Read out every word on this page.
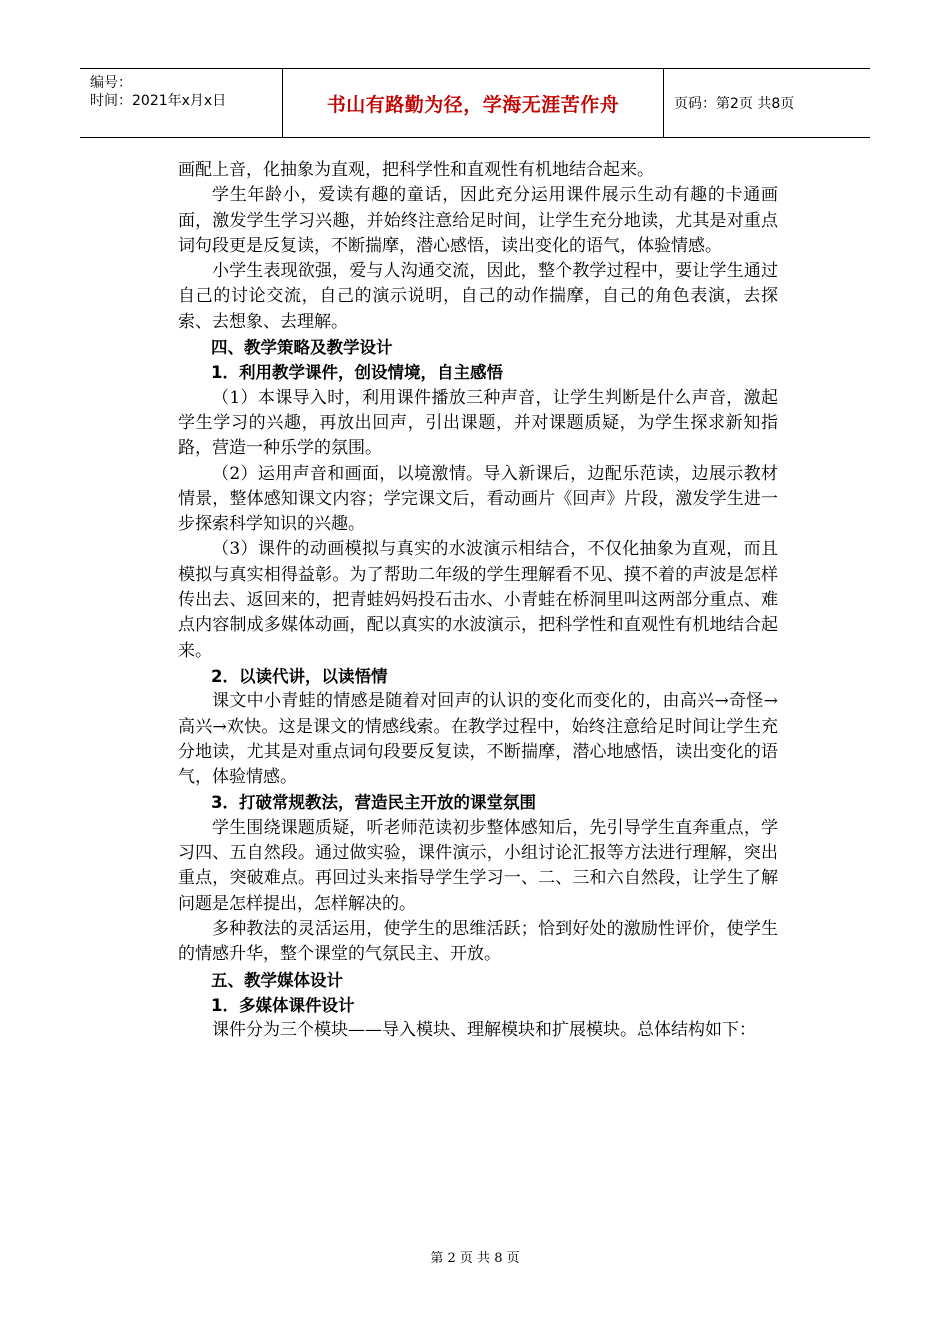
编号：
时间：2021年x月x日	书山有路勤为径，学海无涯苦作舟	页码：第2页 共8页

画配上音，化抽象为直观，把科学性和直观性有机地结合起来。

学生年龄小，爱读有趣的童话，因此充分运用课件展示生动有趣的卡通画面，激发学生学习兴趣，并始终注意给足时间，让学生充分地读，尤其是对重点词句段更是反复读，不断揣摩，潜心感悟，读出变化的语气，体验情感。

小学生表现欲强，爱与人沟通交流，因此，整个教学过程中，要让学生通过自己的讨论交流，自己的演示说明，自己的动作揣摩，自己的角色表演，去探索、去想象、去理解。

四、教学策略及教学设计

1．利用教学课件，创设情境，自主感悟

（1）本课导入时，利用课件播放三种声音，让学生判断是什么声音，激起学生学习的兴趣，再放出回声，引出课题，并对课题质疑，为学生探求新知指路，营造一种乐学的氛围。

（2）运用声音和画面，以境激情。导入新课后，边配乐范读，边展示教材情景，整体感知课文内容；学完课文后，看动画片《回声》片段，激发学生进一步探索科学知识的兴趣。

（3）课件的动画模拟与真实的水波演示相结合，不仅化抽象为直观，而且模拟与真实相得益彰。为了帮助二年级的学生理解看不见、摸不着的声波是怎样传出去、返回来的，把青蛙妈妈投石击水、小青蛙在桥洞里叫这两部分重点、难点内容制成多媒体动画，配以真实的水波演示，把科学性和直观性有机地结合起来。

2．以读代讲，以读悟情

课文中小青蛙的情感是随着对回声的认识的变化而变化的，由高兴→奇怪→高兴→欢快。这是课文的情感线索。在教学过程中，始终注意给足时间让学生充分地读，尤其是对重点词句段要反复读，不断揣摩，潜心地感悟，读出变化的语气，体验情感。

3．打破常规教法，营造民主开放的课堂氛围

学生围绕课题质疑，听老师范读初步整体感知后，先引导学生直奔重点，学习四、五自然段。通过做实验，课件演示，小组讨论汇报等方法进行理解，突出重点，突破难点。再回过头来指导学生学习一、二、三和六自然段，让学生了解问题是怎样提出，怎样解决的。

多种教法的灵活运用，使学生的思维活跃；恰到好处的激励性评价，使学生的情感升华，整个课堂的气氛民主、开放。

五、教学媒体设计

1．多媒体课件设计

课件分为三个模块——导入模块、理解模块和扩展模块。总体结构如下：

第 2 页 共 8 页
